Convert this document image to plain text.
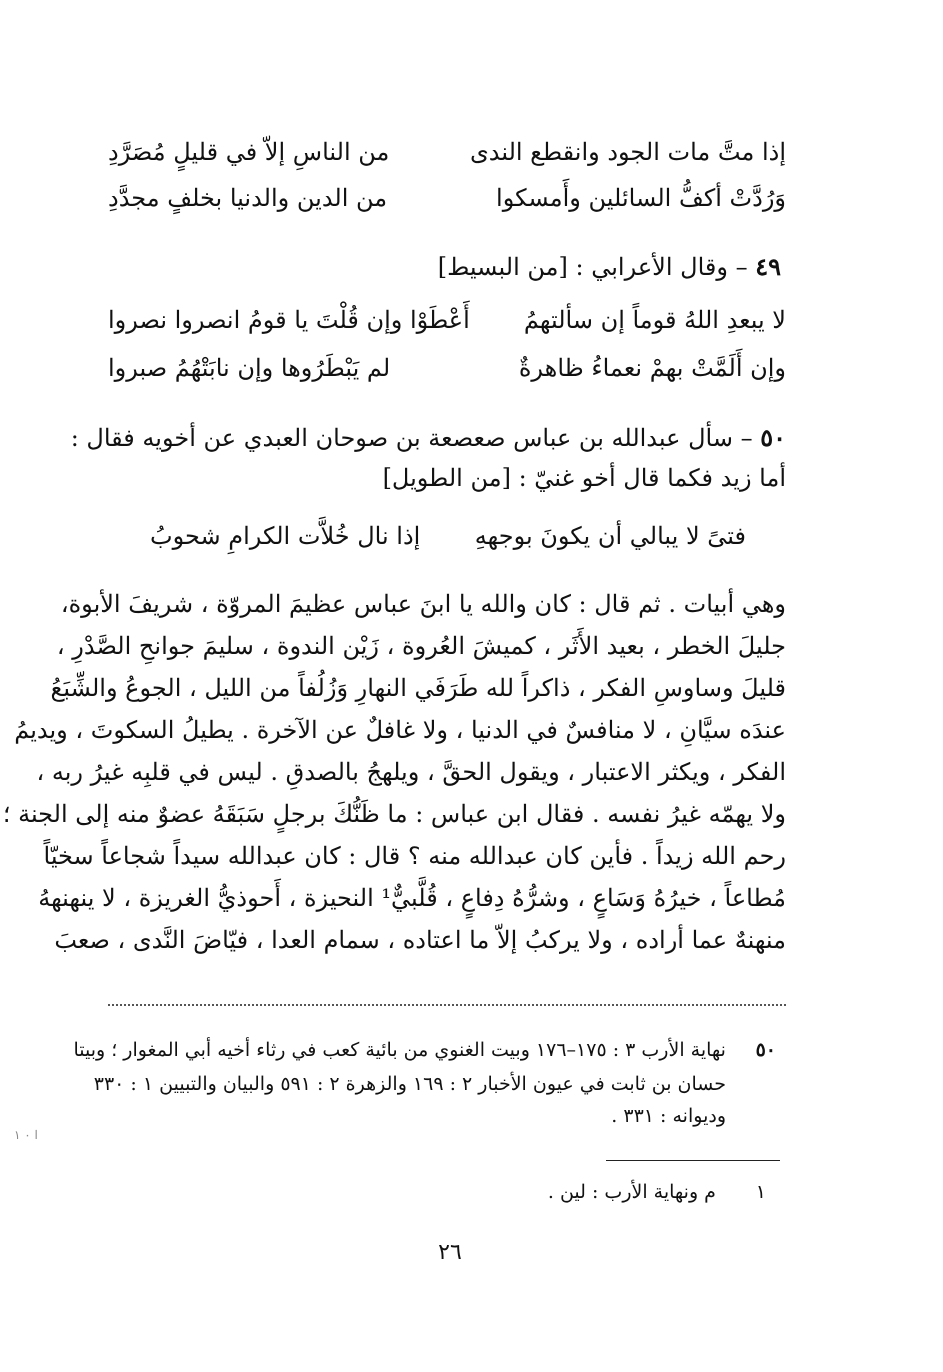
إذا متَّ مات الجود وانقطع الندى
من الناسِ إلاّ في قليلٍ مُصَرَّدِ
وَرُدَّتْ أكفُّ السائلين وأَمسكوا
من الدين والدنيا بخلفٍ مجدَّدِ
٤٩ – وقال الأعرابي : [من البسيط]
لا يبعدِ اللهُ قوماً إن سألتهمُ
أَعْطَوْا وإن قُلْتَ يا قومُ انصروا نصروا
وإن أَلَمَّتْ بهمْ نعماءُ ظاهرةٌ
لم يَبْطَرُوها وإن نابَتْهُمُ صبروا
٥٠ – سأل عبدالله بن عباس صعصعة بن صوحان العبدي عن أخويه فقال :
أما زيد فكما قال أخو غنيّ : [من الطويل]
فتىً لا يبالي أن يكونَ بوجههِ
إذا نال خُلاَّت الكرامِ شحوبُ
وهي أبيات . ثم قال : كان والله يا ابنَ عباس عظيمَ المروّة ، شريفَ الأبوة،
جليلَ الخطر ، بعيد الأَثَر ، كميشَ العُروة ، زَيْن الندوة ، سليمَ جوانحِ الصَّدْرِ ،
قليلَ وساوسِ الفكر ، ذاكراً لله طَرَفَي النهارِ وَزُلُفاً من الليل ، الجوعُ والشِّبَعُ
عندَه سيَّانِ ، لا منافسٌ في الدنيا ، ولا غافلٌ عن الآخرة . يطيلُ السكوتَ ، ويديمُ
الفكر ، ويكثر الاعتبار ، ويقول الحقَّ ، ويلهجُ بالصدقِ . ليس في قلبِه غيرُ ربه ،
ولا يهمّه غيرُ نفسه . فقال ابن عباس : ما ظَنُّكَ برجلٍ سَبَقَهُ عضوٌ منه إلى الجنة ؛
رحم الله زيداً . فأين كان عبدالله منه ؟ قال : كان عبدالله سيداً شجاعاً سخيّاً
مُطاعاً ، خيرُهُ وَسَاعٍ ، وشرُّهُ دِفاعٍ ، قُلَّبيٌّ¹ النحيزة ، أَحوذيُّ الغريزة ، لا ينهنههُ
منهنهٌ عما أراده ، ولا يركبُ إلاّ ما اعتاده ، سمام العدا ، فيّاضَ النَّدى ، صعبَ
٥٠ نهاية الأرب ٣ : ١٧٥–١٧٦ وبيت الغنوي من بائية كعب في رثاء أخيه أبي المغوار ؛ وبيتا
حسان بن ثابت في عيون الأخبار ٢ : ١٦٩ والزهرة ٢ : ٥٩١ والبيان والتبيين ١ : ٣٣٠
وديوانه : ٣٣١ .
١ م ونهاية الأرب : لين .
٢٦
ا ٠ ١
